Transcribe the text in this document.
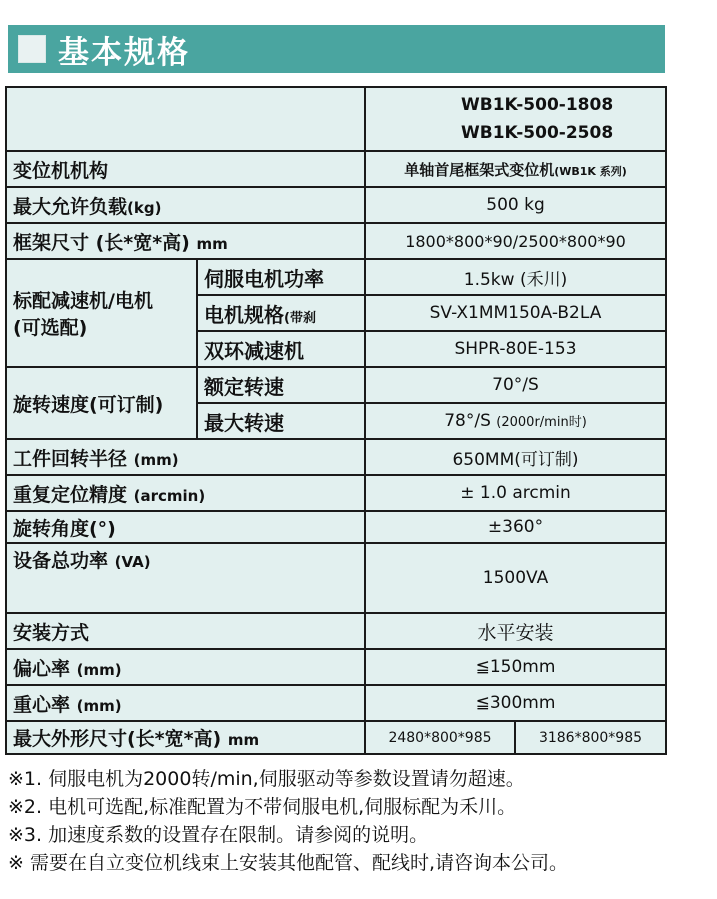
基本规格

		WB1K-500-1808
WB1K-500-2508	

变位机机构		单轴首尾框架式变位机(WB1K 系列)	
最大允许负载(kg)		500 kg	
框架尺寸 (长*宽*高) mm		1800*800*90/2500*800*90	

标配减速机/电机
(可选配)	伺服电机功率	1.5kw (禾川)	
	电机规格(带刹	SV-X1MM150A-B2LA	
	双环减速机	SHPR-80E-153	
旋转速度(可订制)	额定转速	70°/S	
	最大转速	78°/S (2000r/min时)	
工件回转半径 (mm)		650MM(可订制)	
重复定位精度 (arcmin)		± 1.0 arcmin	
旋转角度(°)		±360°	
设备总功率 (VA)		1500VA	
安装方式		水平安装	
偏心率 (mm)		≦150mm	
重心率 (mm)		≦300mm	
最大外形尺寸(长*宽*高) mm		2480*800*985	3186*800*985
※1. 伺服电机为2000转/min,伺服驱动等参数设置请勿超速。
※2. 电机可选配,标准配置为不带伺服电机,伺服标配为禾川。
※3. 加速度系数的设置存在限制。请参阅的说明。
※ 需要在自立变位机线束上安装其他配管、配线时,请咨询本公司。
